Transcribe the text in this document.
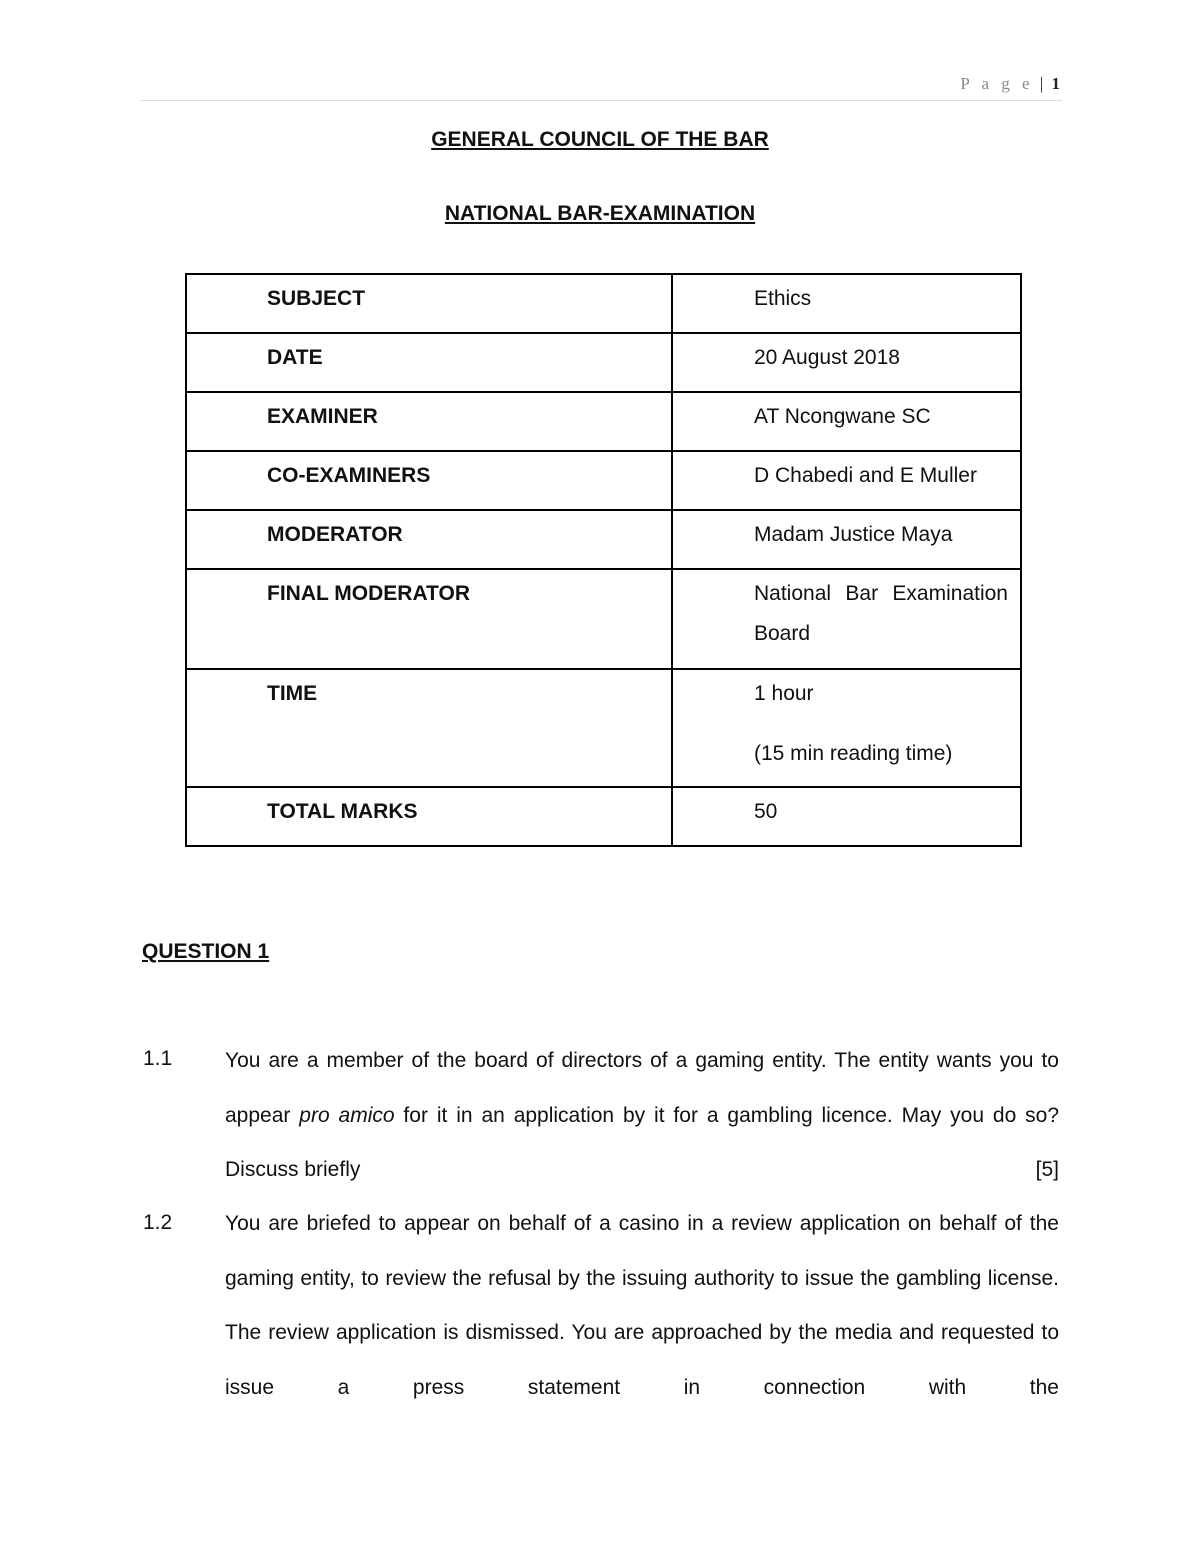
P a g e | 1
GENERAL COUNCIL OF THE BAR
NATIONAL BAR-EXAMINATION
SUBJECT	Ethics
DATE	20 August 2018
EXAMINER	AT Ncongwane SC
CO-EXAMINERS	D Chabedi and E Muller
MODERATOR	Madam Justice Maya
FINAL MODERATOR	National Bar Examination
Board
TIME	1 hour

(15 min reading time)

TOTAL MARKS	50
QUESTION 1
1.1	You are a member of the board of directors of a gaming entity. The entity wants you to appear pro amico for it in an application by it for a gambling licence. May you do so? Discuss briefly	[5]
1.2	You are briefed to appear on behalf of a casino in a review application on behalf of the gaming entity, to review the refusal by the issuing authority to issue the gambling license. The review application is dismissed. You are approached by the media and requested to issue a press statement in connection with the
